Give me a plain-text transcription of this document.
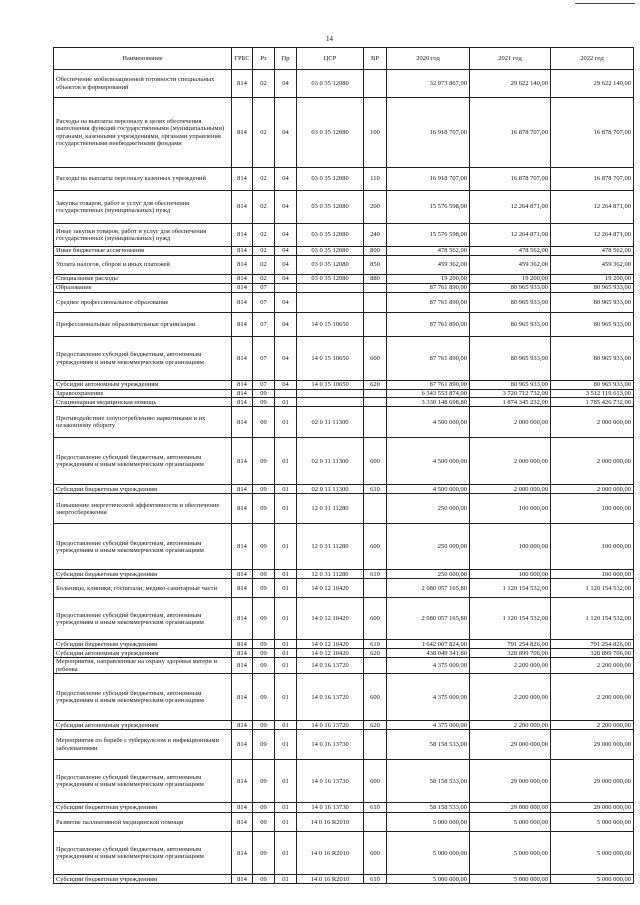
14
Наименование	ГРБС	Рз	Пр	ЦСР	ВР	2020 год	2021 год	2022 год
Обеспечение мобилизационной готовности специальных объектов и формирований	814	02	04	03 0 35 12080		32 973 867,00	29 622 140,00	29 622 140,00
Расходы на выплаты персоналу в целях обеспечения выполнения функций государственными (муниципальными) органами, казенными учреждениями, органами управления государственными внебюджетными фондами	814	02	04	03 0 35 12080	100	16 918 707,00	16 878 707,00	16 878 707,00
Расходы на выплаты персоналу казенных учреждений	814	02	04	03 0 35 12080	110	16 918 707,00	16 878 707,00	16 878 707,00
Закупка товаров, работ и услуг для обеспечения государственных (муниципальных) нужд	814	02	04	03 0 35 12080	200	15 576 598,00	12 264 871,00	12 264 871,00
Иные закупки товаров, работ и услуг для обеспечения государственных (муниципальных) нужд	814	02	04	03 0 35 12080	240	15 576 598,00	12 264 871,00	12 264 871,00
Иные бюджетные ассигнования	814	02	04	03 0 35 12080	800	478 562,00	478 562,00	478 562,00
Уплата налогов, сборов и иных платежей	814	02	04	03 0 35 12080	850	459 362,00	459 362,00	459 362,00
Специальные расходы	814	02	04	03 0 35 12080	880	19 200,00	19 200,00	19 200,00
Образование	814	07				87 761 890,00	80 965 933,00	80 965 933,00
Среднее профессиональное образование	814	07	04			87 761 890,00	80 965 933,00	80 965 933,00
Профессиональные образовательные организации	814	07	04	14 0 15 10650		87 761 890,00	80 965 933,00	80 965 933,00
Предоставление субсидий бюджетным, автономным учреждениям и иным некоммерческим организациям	814	07	04	14 0 15 10650	600	87 761 890,00	80 965 933,00	80 965 933,00
Субсидии автономным учреждениям	814	07	04	14 0 15 10650	620	87 761 890,00	80 965 933,00	80 965 933,00
Здравоохранение	814	09				6 343 553 874,00	3 720 712 732,00	3 512 119 613,00
Стационарная медицинская помощь	814	09	01			3 330 148 698,80	1 874 345 232,00	1 785 426 732,00
Противодействие злоупотреблению наркотиками и их незаконному обороту	814	09	01	02 0 11 11300		4 500 000,00	2 000 000,00	2 000 000,00
Предоставление субсидий бюджетным, автономным учреждениям и иным некоммерческим организациям	814	09	01	02 0 11 11300	600	4 500 000,00	2 000 000,00	2 000 000,00
Субсидии бюджетным учреждениям	814	09	01	02 0 11 11300	610	4 500 000,00	2 000 000,00	2 000 000,00
Повышение энергетической эффективности и обеспечение энергосбережения	814	09	01	12 0 31 11280		250 000,00	100 000,00	100 000,00
Предоставление субсидий бюджетным, автономным учреждениям и иным некоммерческим организациям	814	09	01	12 0 31 11280	600	250 000,00	100 000,00	100 000,00
Субсидии бюджетным учреждениям	814	09	01	12 0 31 11280	610	250 000,00	100 000,00	100 000,00
Больницы, клиники, госпитали, медико-санитарные части	814	09	01	14 0 12 10420		2 080 057 165,80	1 120 154 532,00	1 120 154 532,00
Предоставление субсидий бюджетным, автономным учреждениям и иным некоммерческим организациям	814	09	01	14 0 12 10420	600	2 080 057 165,80	1 120 154 532,00	1 120 154 532,00
Субсидии бюджетным учреждениям	814	09	01	14 0 12 10420	610	1 642 007 824,00	791 254 826,00	791 254 826,00
Субсидии автономным учреждениям	814	09	01	14 0 12 10420	620	438 049 341,80	328 899 706,00	328 899 706,00
Мероприятия, направленные на охрану здоровья матери и ребенка	814	09	01	14 0 16 13720		4 375 000,00	2 200 000,00	2 200 000,00
Предоставление субсидий бюджетным, автономным учреждениям и иным некоммерческим организациям	814	09	01	14 0 16 13720	600	4 375 000,00	2 200 000,00	2 200 000,00
Субсидии автономным учреждениям	814	09	01	14 0 16 13720	620	4 375 000,00	2 200 000,00	2 200 000,00
Мероприятия по борьбе с туберкулезом и инфекционными заболеваниями	814	09	01	14 0 16 13730		58 158 533,00	29 000 000,00	29 000 000,00
Предоставление субсидий бюджетным, автономным учреждениям и иным некоммерческим организациям	814	09	01	14 0 16 13730	600	58 158 533,00	29 000 000,00	29 000 000,00
Субсидии бюджетным учреждениям	814	09	01	14 0 16 13730	610	58 158 533,00	29 000 000,00	29 000 000,00
Развитие паллиативной медицинской помощи	814	09	01	14 0 16 R2010		5 000 000,00	5 000 000,00	5 000 000,00
Предоставление субсидий бюджетным, автономным учреждениям и иным некоммерческим организациям	814	09	01	14 0 16 R2010	600	5 000 000,00	5 000 000,00	5 000 000,00
Субсидии бюджетным учреждениям	814	09	01	14 0 16 R2010	610	5 000 000,00	5 000 000,00	5 000 000,00
